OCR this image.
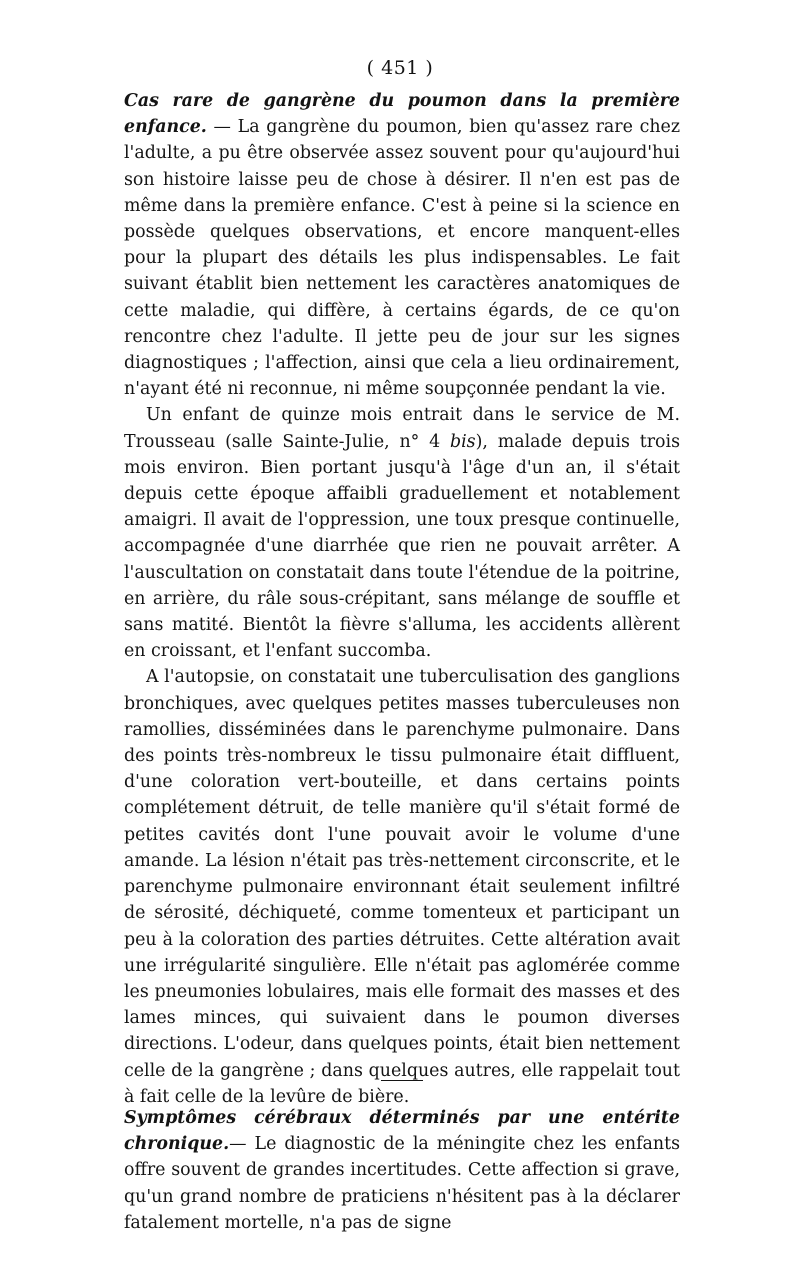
( 451 )

Cas rare de gangrène du poumon dans la première enfance. — La gangrène du poumon, bien qu'assez rare chez l'adulte, a pu être observée assez souvent pour qu'aujourd'hui son histoire laisse peu de chose à désirer. Il n'en est pas de même dans la première enfance. C'est à peine si la science en possède quelques observations, et encore manquent-elles pour la plupart des détails les plus indispensables. Le fait suivant établit bien nettement les caractères anatomiques de cette maladie, qui diffère, à certains égards, de ce qu'on rencontre chez l'adulte. Il jette peu de jour sur les signes diagnostiques ; l'affection, ainsi que cela a lieu ordinairement, n'ayant été ni reconnue, ni même soupçonnée pendant la vie.

Un enfant de quinze mois entrait dans le service de M. Trousseau (salle Sainte-Julie, n° 4 bis), malade depuis trois mois environ. Bien portant jusqu'à l'âge d'un an, il s'était depuis cette époque affaibli graduellement et notablement amaigri. Il avait de l'oppression, une toux presque continuelle, accompagnée d'une diarrhée que rien ne pouvait arrêter. A l'auscultation on constatait dans toute l'étendue de la poitrine, en arrière, du râle sous-crépitant, sans mélange de souffle et sans matité. Bientôt la fièvre s'alluma, les accidents allèrent en croissant, et l'enfant succomba.

A l'autopsie, on constatait une tuberculisation des ganglions bronchiques, avec quelques petites masses tuberculeuses non ramollies, disséminées dans le parenchyme pulmonaire. Dans des points très-nombreux le tissu pulmonaire était diffluent, d'une coloration vert-bouteille, et dans certains points complétement détruit, de telle manière qu'il s'était formé de petites cavités dont l'une pouvait avoir le volume d'une amande. La lésion n'était pas très-nettement circonscrite, et le parenchyme pulmonaire environnant était seulement infiltré de sérosité, déchiqueté, comme tomenteux et participant un peu à la coloration des parties détruites. Cette altération avait une irrégularité singulière. Elle n'était pas aglomérée comme les pneumonies lobulaires, mais elle formait des masses et des lames minces, qui suivaient dans le poumon diverses directions. L'odeur, dans quelques points, était bien nettement celle de la gangrène ; dans quelques autres, elle rappelait tout à fait celle de la levûre de bière.

Symptômes cérébraux déterminés par une entérite chronique.— Le diagnostic de la méningite chez les enfants offre souvent de grandes incertitudes. Cette affection si grave, qu'un grand nombre de praticiens n'hésitent pas à la déclarer fatalement mortelle, n'a pas de signe
